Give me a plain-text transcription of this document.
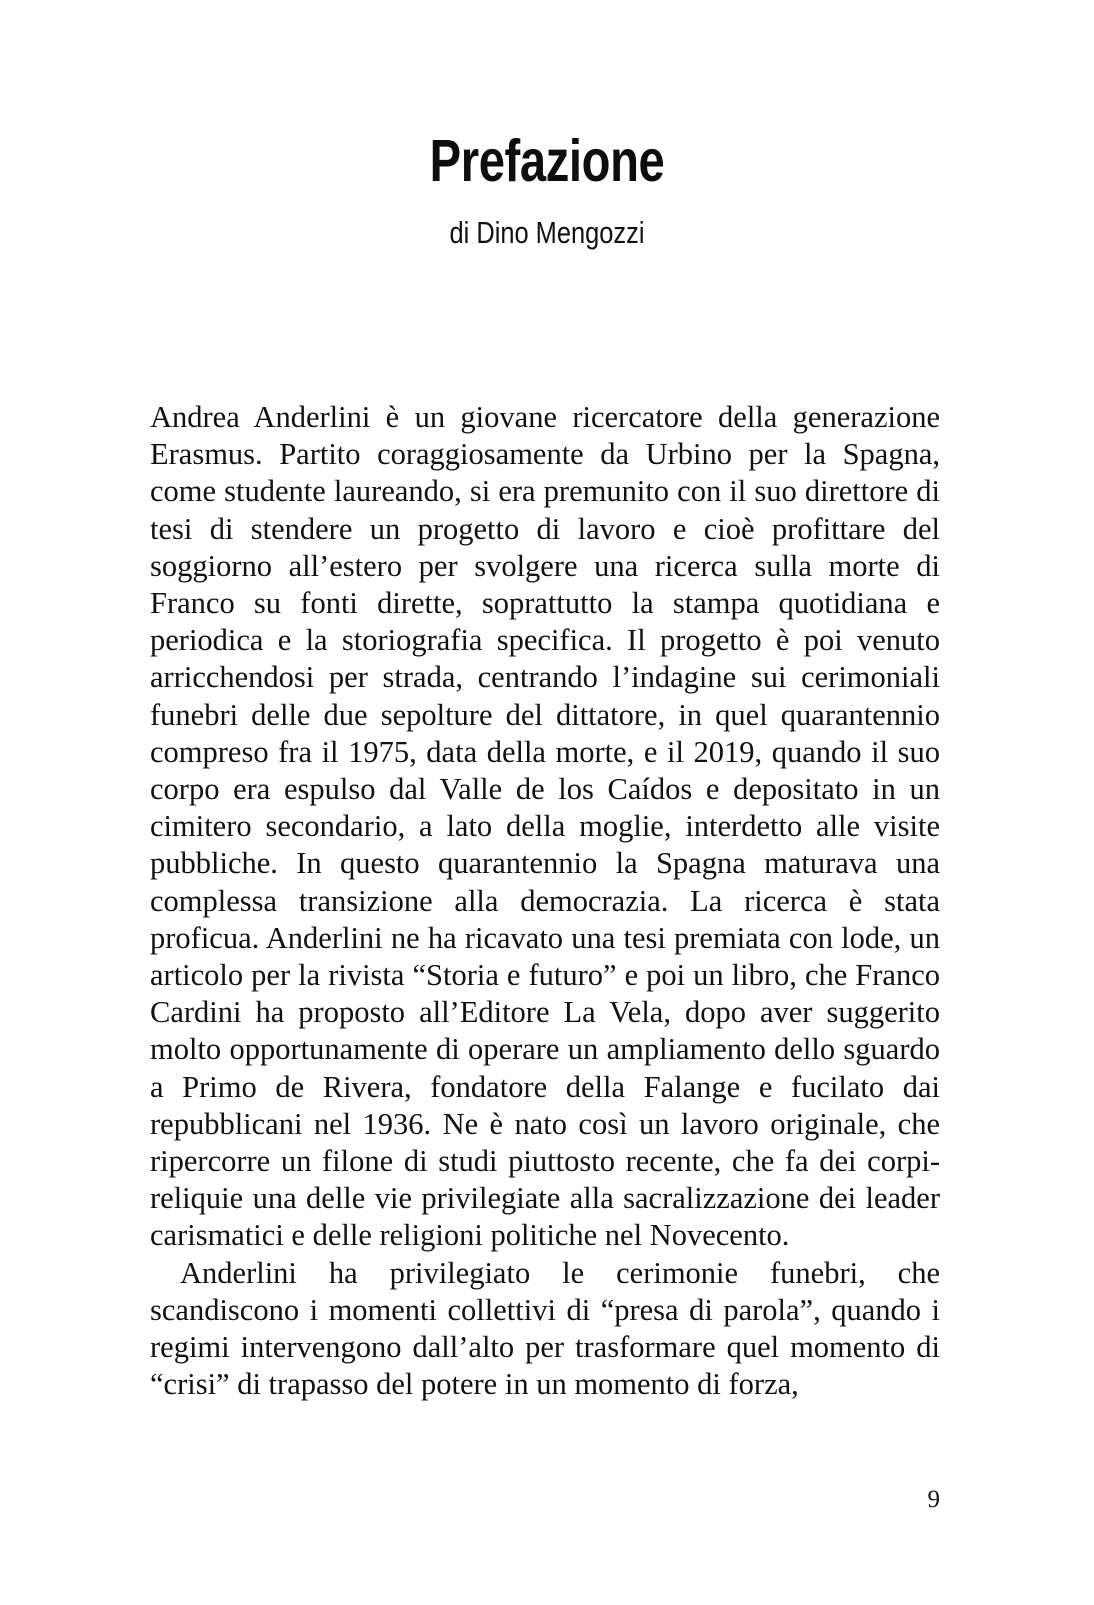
Prefazione
di Dino Mengozzi

Andrea Anderlini è un giovane ricercatore della generazione Erasmus. Partito coraggiosamente da Urbino per la Spagna, come studente laureando, si era premunito con il suo direttore di tesi di stendere un progetto di lavoro e cioè profittare del soggiorno all’estero per svolgere una ricerca sulla morte di Franco su fonti dirette, soprattutto la stampa quotidiana e periodica e la storiografia specifica. Il progetto è poi venuto arricchendosi per strada, centrando l’indagine sui cerimoniali funebri delle due sepolture del dittatore, in quel quarantennio compreso fra il 1975, data della morte, e il 2019, quando il suo corpo era espulso dal Valle de los Caídos e depositato in un cimitero secondario, a lato della moglie, interdetto alle visite pubbliche. In questo quarantennio la Spagna maturava una complessa transizione alla democrazia. La ricerca è stata proficua. Anderlini ne ha ricavato una tesi premiata con lode, un articolo per la rivista “Storia e futuro” e poi un libro, che Franco Cardini ha proposto all’Editore La Vela, dopo aver suggerito molto opportunamente di operare un ampliamento dello sguardo a Primo de Rivera, fondatore della Falange e fucilato dai repubblicani nel 1936. Ne è nato così un lavoro originale, che ripercorre un filone di studi piuttosto recente, che fa dei corpi-reliquie una delle vie privilegiate alla sacralizzazione dei leader carismatici e delle religioni politiche nel Novecento.

Anderlini ha privilegiato le cerimonie funebri, che scandiscono i momenti collettivi di “presa di parola”, quando i regimi intervengono dall’alto per trasformare quel momento di “crisi” di trapasso del potere in un momento di forza,

9
